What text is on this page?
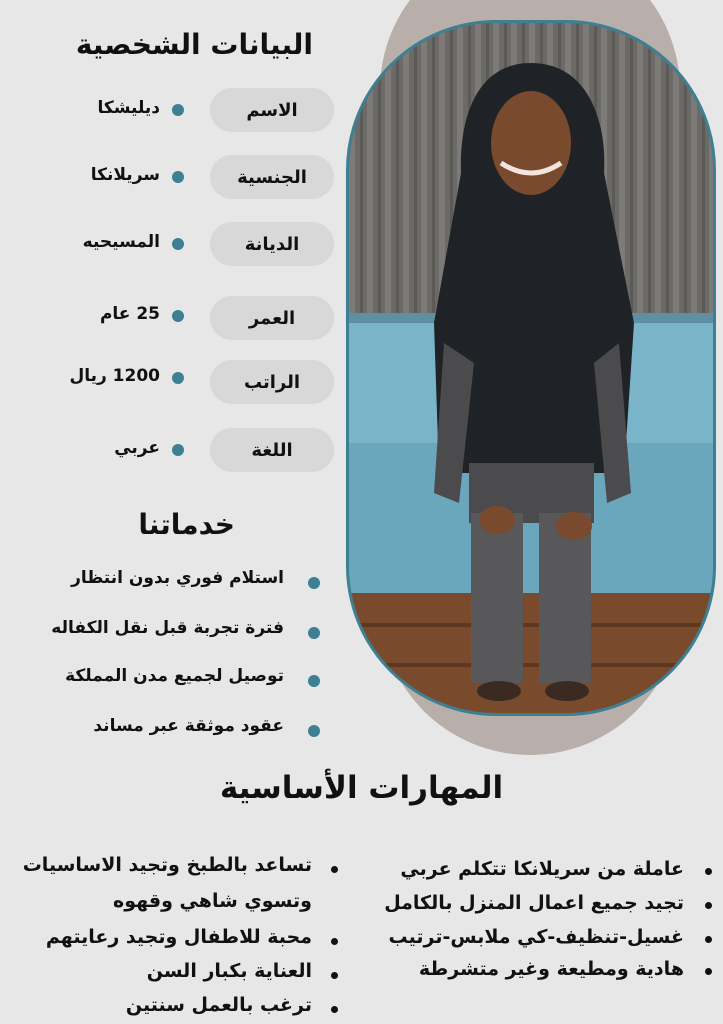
البيانات الشخصية
الاسم
ديليشكا
الجنسية
سريلانكا
الديانة
المسيحيه
العمر
25 عام
الراتب
1200 ريال
اللغة
عربي
خدماتنا
استلام فوري بدون انتظار
فترة تجربة قبل نقل الكفاله
توصيل لجميع مدن المملكة
عقود موثقة عبر مساند
المهارات الأساسية
عاملة من سريلانكا تتكلم عربي
تجيد جميع اعمال المنزل بالكامل
غسيل-تنظيف-كي ملابس-ترتيب
هادية ومطيعة وغير متشرطة
تساعد بالطبخ وتجيد الاساسيات
وتسوي شاهي وقهوه
محبة للاطفال وتجيد رعايتهم
العناية بكبار السن
ترغب بالعمل سنتين
